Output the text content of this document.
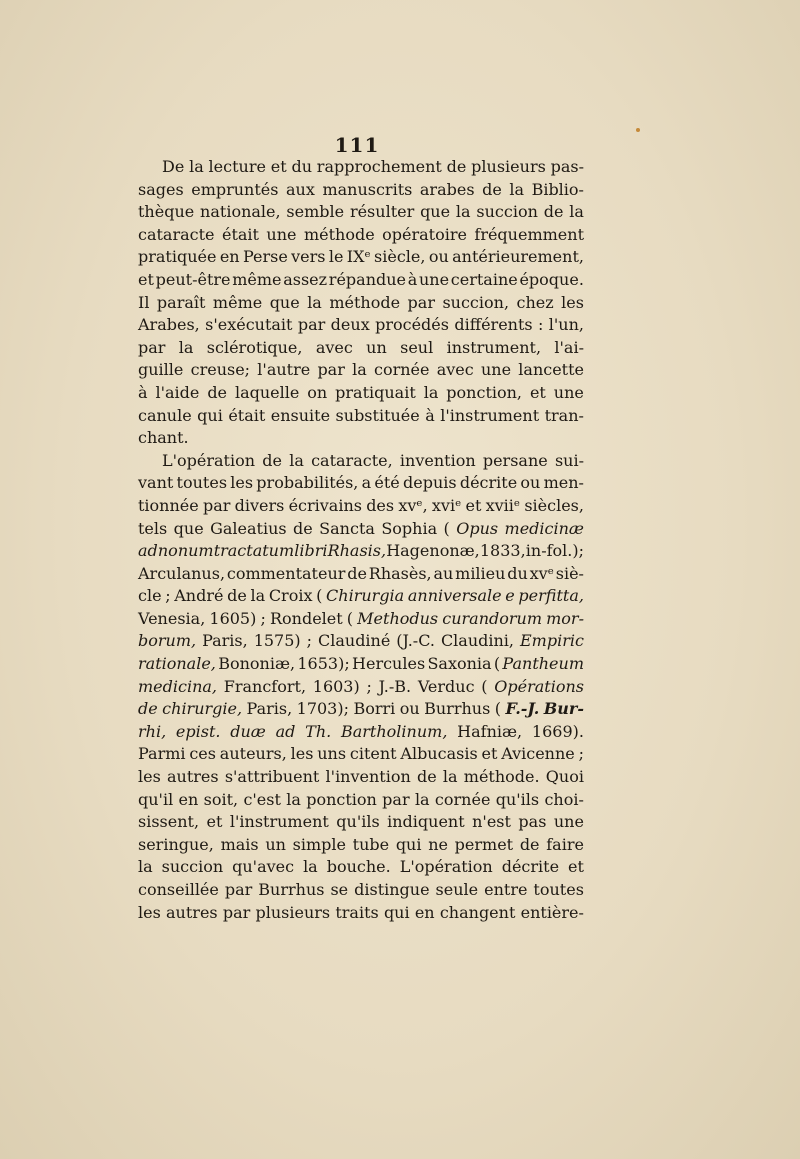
111
De la lecture et du rapprochement de plusieurs pas-
sages empruntés aux manuscrits arabes de la Biblio-
thèque nationale, semble résulter que la succion de la
cataracte était une méthode opératoire fréquemment
pratiquée en Perse vers le IXᵉ siècle, ou antérieurement,
et peut-être même assez répandue à une certaine époque.
Il paraît même que la méthode par succion, chez les
Arabes, s'exécutait par deux procédés différents : l'un,
par la sclérotique, avec un seul instrument, l'ai-
guille creuse; l'autre par la cornée avec une lancette
à l'aide de laquelle on pratiquait la ponction, et une
canule qui était ensuite substituée à l'instrument tran-
chant.
L'opération de la cataracte, invention persane sui-
vant toutes les probabilités, a été depuis décrite ou men-
tionnée par divers écrivains des xvᵉ, xviᵉ et xviiᵉ siècles,
tels que Galeatius de Sancta Sophia ( Opus medicinæ
ad nonum tractatum libri Rhasis, Hagenonæ, 1833, in-fol.);
Arculanus, commentateur de Rhasès, au milieu du xvᵉ siè-
cle ; André de la Croix ( Chirurgia anniversale e perfitta,
Venesia, 1605) ; Rondelet ( Methodus curandorum mor-
borum, Paris, 1575) ; Claudiné (J.-C. Claudini, Empiric
rationale, Bononiæ, 1653); Hercules Saxonia ( Pantheum
medicina, Francfort, 1603) ; J.-B. Verduc ( Opérations
de chirurgie, Paris, 1703); Borri ou Burrhus ( F.-J. Bur-
rhi, epist. duæ ad Th. Bartholinum, Hafniæ, 1669).
Parmi ces auteurs, les uns citent Albucasis et Avicenne ;
les autres s'attribuent l'invention de la méthode. Quoi
qu'il en soit, c'est la ponction par la cornée qu'ils choi-
sissent, et l'instrument qu'ils indiquent n'est pas une
seringue, mais un simple tube qui ne permet de faire
la succion qu'avec la bouche. L'opération décrite et
conseillée par Burrhus se distingue seule entre toutes
les autres par plusieurs traits qui en changent entière-
